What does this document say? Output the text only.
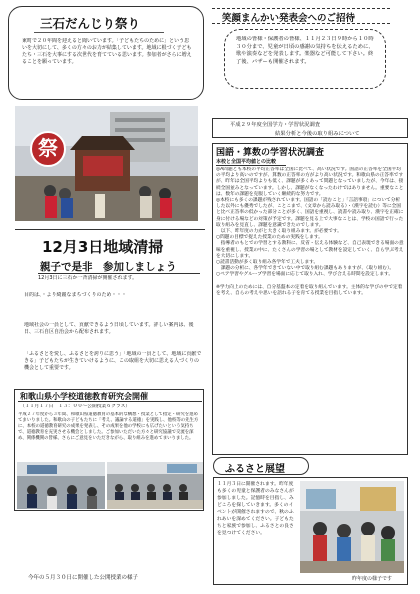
三石だんじり祭り
東町で２０年間を迎えると聞いています。「子どもたちのために」という思いを大切にして、多くの方々のお力が結集しています。地域に根づく子どもたち・三石を大事にする次世代を育てている思います。参加者がさらに増えることを願っています。
祭
笑顔まんかい発表会へのご招待
地域の皆様・保護者の皆様、１１月２３日９時から１０時３０分まで、児童が日頃の感謝の気持ちを伝えるために、歌や演奏などを発表します。楽器など可能して下さい。終了後、バザーも開催されます。
平成２９年度全国学力・学習状況調査
結果分析と今後の取り組みについて
国語・算数の学習状況調査
本校と全国平均値との比較
◎A問題とも本校の平均正答率は全国に比べて、高い状況です。国語の正答率を全国平均の平均より高いのですが、算数の正答率の方がより高い状況です。和歌山県の正答率ですが、昨年は全国平均よりも低く、課題が多くあって問題となっていましたが、今年は、接続全国並みとなっています。しかし、課題がなくなったわけではありません。重要なことは、数年の課題を克服していく継続的な努力です。
◎本校にも多くの課題が残されています。国語の「読むこと」「言語事項」について分析した以外にも優秀でしたが、ことこまで、（文章から読み取る）・（漢字を読む）等に全国と比べ正答率の低かった部分ことが多く、国語を重視し、読書や読み取り、漢字を正確に身に付ける場などの対策が予定です。課題を見る上で大事なことは、学校の国語で行った取り組みを見直し、課題を意識できたのでします。
　以下、昨年度の力がと大きく取り組みます。が必要です。
○問題の目標で捉えた授業のための実践をします。
　指導者のもとでの学習とする教科に、反省・伝える体験など、自己表現できる場面の意味を重視し、授業の中に、たくさんの学習の場として教材を設定していく、自ら学ぶ考えを大切にします。
○読書活動が多く取り組み各学年で工夫します。
　課題の分析に、各学年できていない中で取り組む課題もありますが、（取り組む）。
○ペア学習やグループ学習を場面に応じて取り入れ、学び合える時間を設定します。

※学力向上のためには、自分基盤本の定着を取り組んでいます。主体的な学びの中で定着を考え、自らの考えや思いを語れる子を育てる授業を目指しています。
12月3日地域清掃
親子で是非　参加しましょう
12月3日に三石か一斉清掃が開催されます。
目的は、・より綺麗なまちづくりのため・・・
地域社会の一員として、貢献できるよう日頃しています。詳しい案内は、後日、三石自区自治会から配布されます。
「ふるさとを愛し、ふるさとを誇りに思う」「地域の一員として、地域に貢献できる」子どもたちが生きていけるように、この取組を大切に思える人づくりの機会として重要です。
和歌山県小学校道徳教育研究会開催
（１１月１７日　１３：００～公開授業６クラス）
平成２７年度から３年間、和歌山県道徳教育の基本的な構想・授業として指定・研究を進めてまいりました。和歌山の子どもたちに「考え、議論する道徳」を実践し、他校等の先生方に、本校の道徳教育研究の成果を発表し、その成果を他の学校にも広げたいという気持ちで、道徳教育を充実させる機会としました。ご参加いただいた方々と研究協議で交流を深め、関係機関の皆様、さらにご意見をいただきながら、取り組みを進めてまいりました。
今年の５月３０日に開催した公開授業の様子
ふるさと展望
１１月３日に開催されます。昨年度も多くの児童と保護者のみなさんが参加しました。記憶時を目指し、みどころを探していきます。多くのイベントが開催されますので、秋のふれあいを深めてください。子どもたちと家族で参加し、ふるさとの良さを見つけてください。
昨年度の様子です
